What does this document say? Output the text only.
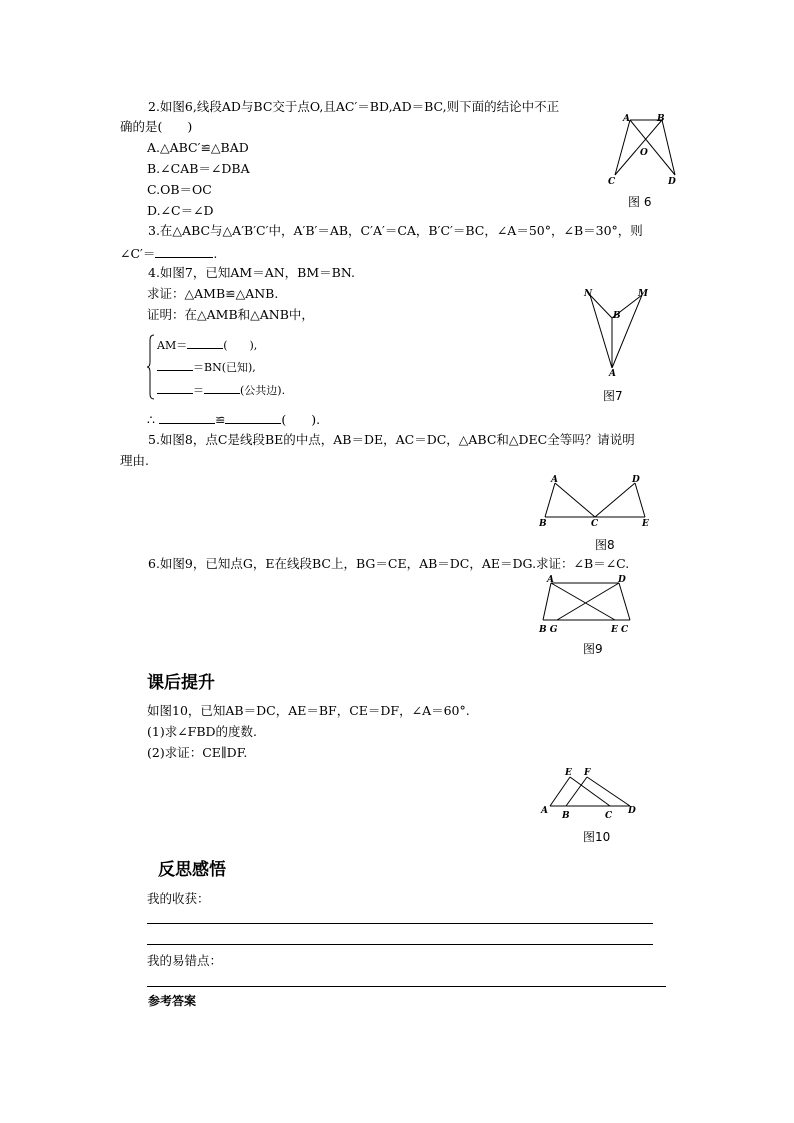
2.如图6,线段AD与BC交于点O,且AC′＝BD,AD＝BC,则下面的结论中不正
确的是(　　)
A.△ABC′≌△BAD
B.∠CAB＝∠DBA
C.OB＝OC
D.∠C＝∠D
A	B
O
C	D
图 6
3.在△ABC与△A′B′C′中，A′B′＝AB，C′A′＝CA，B′C′＝BC，∠A＝50°，∠B＝30°，则
∠C′＝	.
4.如图7，已知AM＝AN，BM＝BN.
求证：△AMB≌△ANB.
证明：在△AMB和△ANB中，
AM＝	(　　),
＝BN(已知),
＝	(公共边).
∴	≌	(　　).
N	M
B
A
图7
5.如图8，点C是线段BE的中点，AB＝DE，AC＝DC，△ABC和△DEC全等吗？请说明
理由.
A	D
B	C	E
图8
6.如图9，已知点G，E在线段BC上，BG＝CE，AB＝DC，AE＝DG.求证：∠B＝∠C.
A	D
B G	E C
图9
课后提升
如图10，已知AB＝DC，AE＝BF，CE＝DF，∠A＝60°.
(1)求∠FBD的度数.
(2)求证：CE∥DF.
E F
A B	C D
图10
反思感悟
我的收获：
我的易错点：
参考答案
